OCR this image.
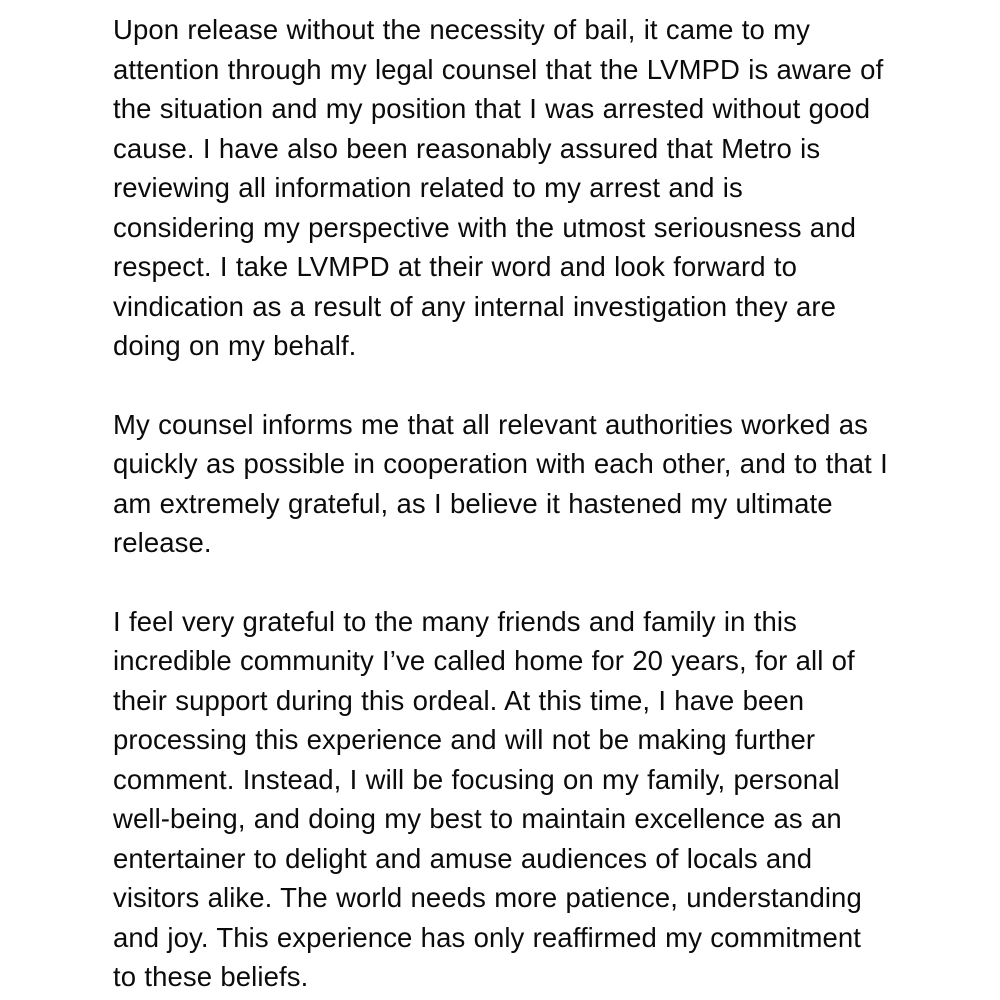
Upon release without the necessity of bail, it came to my attention through my legal counsel that the LVMPD is aware of the situation and my position that I was arrested without good cause. I have also been reasonably assured that Metro is reviewing all information related to my arrest and is considering my perspective with the utmost seriousness and respect. I take LVMPD at their word and look forward to vindication as a result of any internal investigation they are doing on my behalf.

My counsel informs me that all relevant authorities worked as quickly as possible in cooperation with each other, and to that I am extremely grateful, as I believe it hastened my ultimate release.

I feel very grateful to the many friends and family in this incredible community I’ve called home for 20 years, for all of their support during this ordeal. At this time, I have been processing this experience and will not be making further comment. Instead, I will be focusing on my family, personal well-being, and doing my best to maintain excellence as an entertainer to delight and amuse audiences of locals and visitors alike. The world needs more patience, understanding and joy. This experience has only reaffirmed my commitment to these beliefs.
